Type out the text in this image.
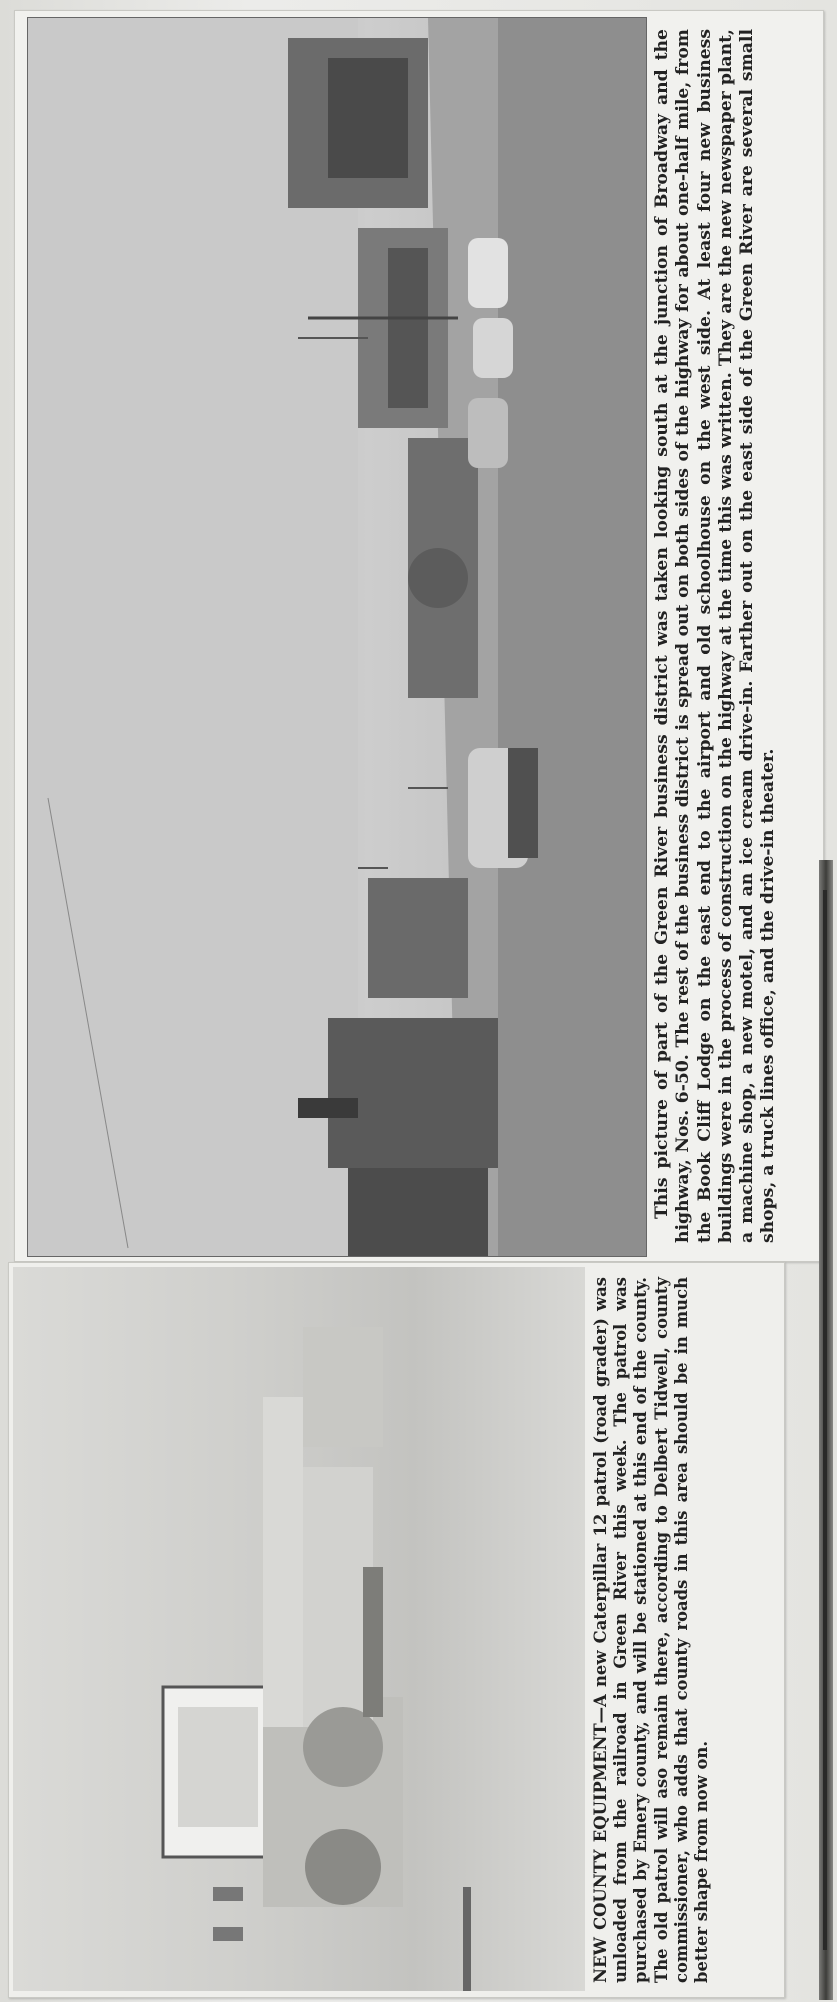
This picture of part of the Green River business district was taken looking south at the junction of Broadway and the highway, Nos. 6-50. The rest of the business district is spread out on both sides of the highway for about one-half mile, from the Book Cliff Lodge on the east end to the airport and old schoolhouse on the west side. At least four new business buildings were in the process of construction on the highway at the time this was written. They are the new newspaper plant, a machine shop, a new motel, and an ice cream drive-in. Farther out on the east side of the Green River are several small shops, a truck lines office, and the drive-in theater.
NEW COUNTY EQUIPMENT—A new Caterpillar 12 patrol (road grader) was unloaded from the railroad in Green River this week. The patrol was purchased by Emery county, and will be stationed at this end of the county. The old patrol will aso remain there, according to Delbert Tidwell, county commissioner, who adds that county roads in this area should be in much better shape from now on.
